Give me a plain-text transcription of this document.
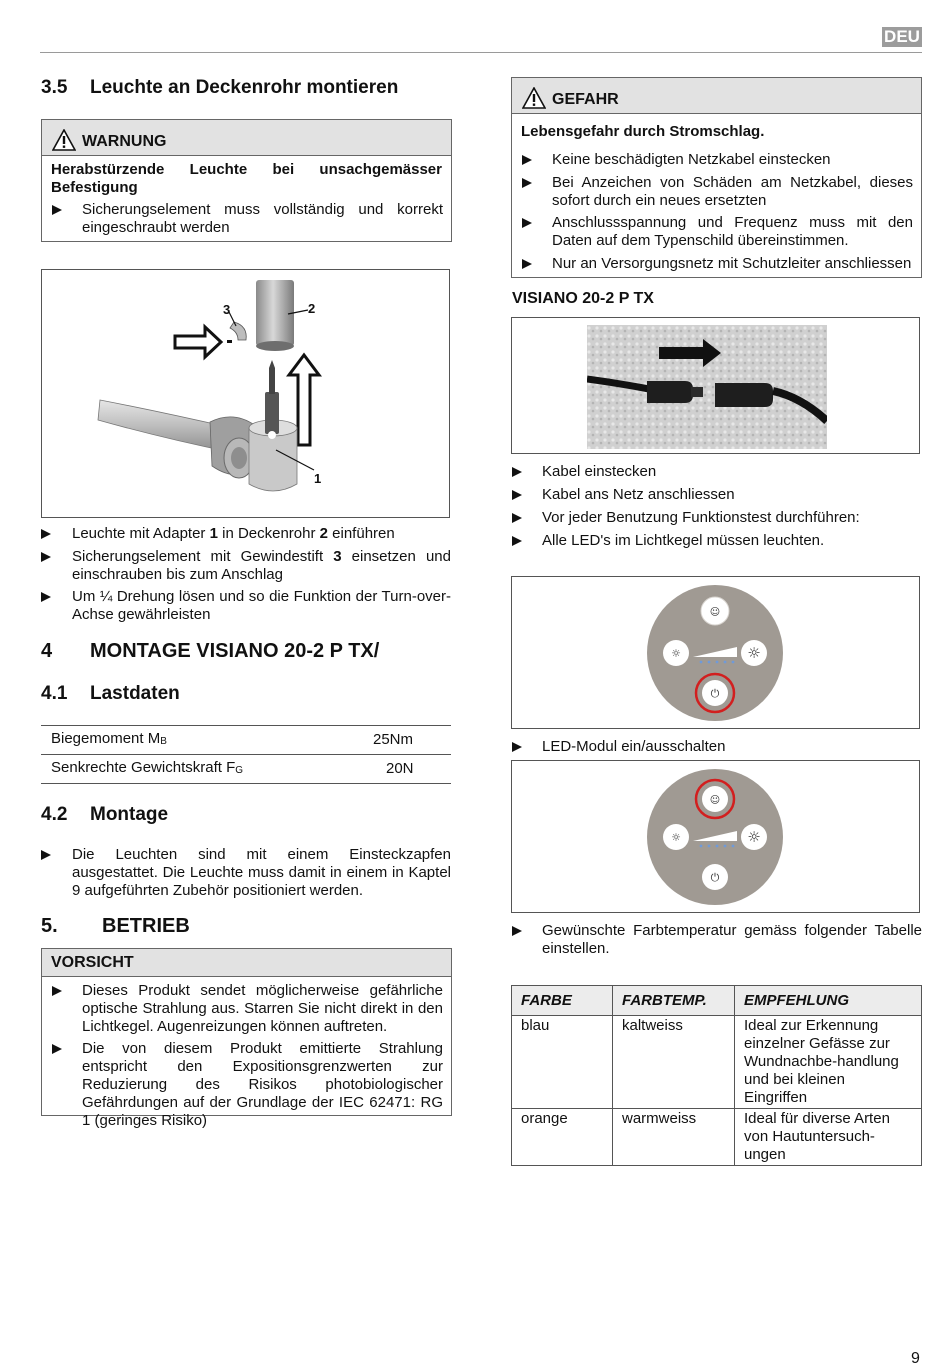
DEU
3.5 Leuchte an Deckenrohr montieren
WARNUNG
Herabstürzende Leuchte bei unsachgemässer Befestigung
Sicherungselement muss vollständig und korrekt eingeschraubt werden
3	2
1
Leuchte mit Adapter 1 in Deckenrohr 2 einführen
Sicherungselement mit Gewindestift 3 einsetzen und einschrauben bis zum Anschlag
Um ¼ Drehung lösen und so die Funktion der Turn-over-Achse gewährleisten
4 MONTAGE VISIANO 20-2 P TX/
4.1 Lastdaten
Biegemoment $M_B$	25Nm
Senkrechte Gewichtskraft $F_G$	20N
4.2 Montage
Die Leuchten sind mit einem Einsteckzapfen ausgestattet. Die Leuchte muss damit in einem in Kaptel 9 aufgeführten Zubehör positioniert werden.
5. BETRIEB
VORSICHT
Dieses Produkt sendet möglicherweise gefährliche optische Strahlung aus. Starren Sie nicht direkt in den Lichtkegel. Augenreizungen können auftreten.
Die von diesem Produkt emittierte Strahlung entspricht den Expositionsgrenzwerten zur Reduzierung des Risikos photobiologischer Gefährdungen auf der Grundlage der IEC 62471: RG 1 (geringes Risiko)
GEFAHR
Lebensgefahr durch Stromschlag.
Keine beschädigten Netzkabel einstecken
Bei Anzeichen von Schäden am Netzkabel, dieses sofort durch ein neues ersetzten
Anschlussspannung und Frequenz muss mit den Daten auf dem Typenschild übereinstimmen.
Nur an Versorgungsnetz mit Schutzleiter anschliessen
VISIANO 20-2 P TX
Kabel einstecken
Kabel ans Netz anschliessen
Vor jeder Benutzung Funktionstest durchführen:
Alle LED's im Lichtkegel müssen leuchten.
☺
☼	☼
⏻
LED-Modul ein/ausschalten
☺
☼	☼
⏻
Gewünschte Farbtemperatur gemäss folgender Tabelle einstellen.
FARBE	FARBTEMP.	EMPFEHLUNG
blau	kaltweiss	Ideal zur Erkennung einzelner Gefässe zur Wundnachbe-handlung und bei kleinen Eingriffen
orange	warmweiss	Ideal für diverse Arten von Hautuntersuch-ungen
9
